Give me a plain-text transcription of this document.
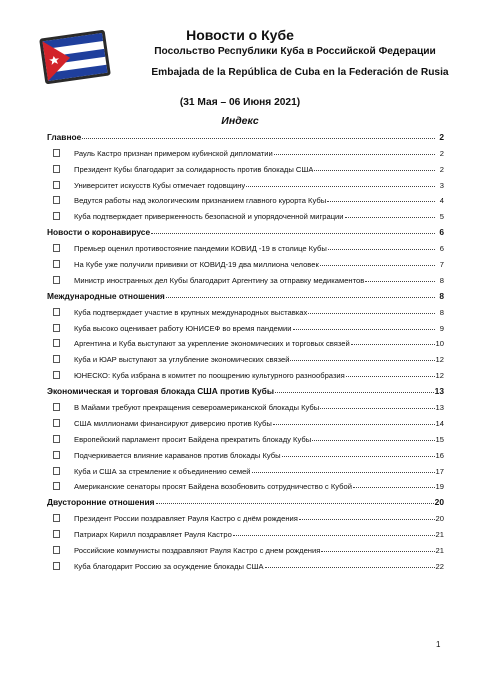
Новости о Кубе
Посольство Республики Куба в Российской Федерации
Embajada de la República de Cuba en la Federación de Rusia
(31 Мая – 06 Июня 2021)
Индекс
Главное	2
Рауль Кастро признан примером кубинской дипломатии	2
Президент Кубы благодарит за солидарность против блокады США	2
Университет искусств Кубы отмечает годовщину	3
Ведутся работы над экологическим признанием главного курорта Кубы	4
Куба подтверждает приверженность безопасной и упорядоченной миграции	5
Новости о коронавирусе	6
Премьер оценил противостояние пандемии КОВИД -19 в столице Кубы	6
На Кубе уже получили прививки от КОВИД-19 два миллиона человек	7
Министр иностранных дел Кубы благодарит Аргентину за отправку медикаментов	8
Международные отношения	8
Куба подтверждает участие в крупных международных выставках	8
Куба высоко оценивает работу ЮНИСЕФ во время пандемии	9
Аргентина и Куба выступают за укрепление экономических и торговых связей	10
Куба и ЮАР выступают за углубление экономических связей	12
ЮНЕСКО: Куба избрана в комитет по поощрению культурного разнообразия	12
Экономическая и торговая блокада США против Кубы	13
В Майами требуют прекращения североамериканской блокады Кубы	13
США миллионами финансируют диверсию против Кубы	14
Европейский парламент просит Байдена прекратить блокаду Кубы	15
Подчеркивается влияние караванов против блокады Кубы	16
Куба и США за стремление к объединению семей	17
Американские сенаторы просят Байдена возобновить сотрудничество с Кубой	19
Двусторонние отношения	20
Президент России поздравляет Рауля Кастро с днём рождения	20
Патриарх Кирилл поздравляет Рауля Кастро	21
Российские коммунисты поздравляют Рауля Кастро с днем рождения	21
Куба благодарит Россию за осуждение блокады США	22
1
